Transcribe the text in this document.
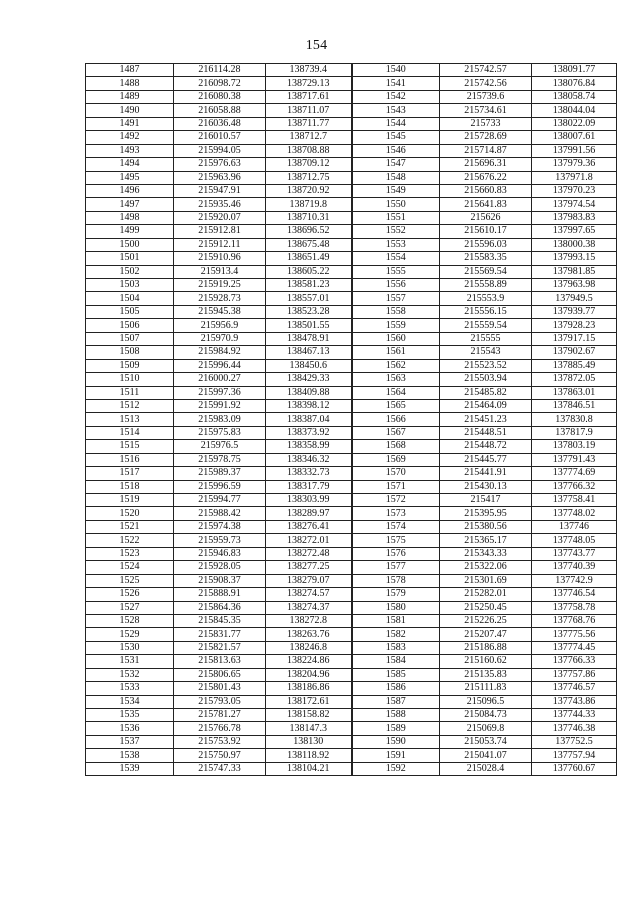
154
1487	216114.28	138739.4	1540	215742.57	138091.77
1488	216098.72	138729.13	1541	215742.56	138076.84
1489	216080.38	138717.61	1542	215739.6	138058.74
1490	216058.88	138711.07	1543	215734.61	138044.04
1491	216036.48	138711.77	1544	215733	138022.09
1492	216010.57	138712.7	1545	215728.69	138007.61
1493	215994.05	138708.88	1546	215714.87	137991.56
1494	215976.63	138709.12	1547	215696.31	137979.36
1495	215963.96	138712.75	1548	215676.22	137971.8
1496	215947.91	138720.92	1549	215660.83	137970.23
1497	215935.46	138719.8	1550	215641.83	137974.54
1498	215920.07	138710.31	1551	215626	137983.83
1499	215912.81	138696.52	1552	215610.17	137997.65
1500	215912.11	138675.48	1553	215596.03	138000.38
1501	215910.96	138651.49	1554	215583.35	137993.15
1502	215913.4	138605.22	1555	215569.54	137981.85
1503	215919.25	138581.23	1556	215558.89	137963.98
1504	215928.73	138557.01	1557	215553.9	137949.5
1505	215945.38	138523.28	1558	215556.15	137939.77
1506	215956.9	138501.55	1559	215559.54	137928.23
1507	215970.9	138478.91	1560	215555	137917.15
1508	215984.92	138467.13	1561	215543	137902.67
1509	215996.44	138450.6	1562	215523.52	137885.49
1510	216000.27	138429.33	1563	215503.94	137872.05
1511	215997.36	138409.88	1564	215485.82	137863.01
1512	215991.92	138398.12	1565	215464.09	137846.51
1513	215983.09	138387.04	1566	215451.23	137830.8
1514	215975.83	138373.92	1567	215448.51	137817.9
1515	215976.5	138358.99	1568	215448.72	137803.19
1516	215978.75	138346.32	1569	215445.77	137791.43
1517	215989.37	138332.73	1570	215441.91	137774.69
1518	215996.59	138317.79	1571	215430.13	137766.32
1519	215994.77	138303.99	1572	215417	137758.41
1520	215988.42	138289.97	1573	215395.95	137748.02
1521	215974.38	138276.41	1574	215380.56	137746
1522	215959.73	138272.01	1575	215365.17	137748.05
1523	215946.83	138272.48	1576	215343.33	137743.77
1524	215928.05	138277.25	1577	215322.06	137740.39
1525	215908.37	138279.07	1578	215301.69	137742.9
1526	215888.91	138274.57	1579	215282.01	137746.54
1527	215864.36	138274.37	1580	215250.45	137758.78
1528	215845.35	138272.8	1581	215226.25	137768.76
1529	215831.77	138263.76	1582	215207.47	137775.56
1530	215821.57	138246.8	1583	215186.88	137774.45
1531	215813.63	138224.86	1584	215160.62	137766.33
1532	215806.65	138204.96	1585	215135.83	137757.86
1533	215801.43	138186.86	1586	215111.83	137746.57
1534	215793.05	138172.61	1587	215096.5	137743.86
1535	215781.27	138158.82	1588	215084.73	137744.33
1536	215766.78	138147.3	1589	215069.8	137746.38
1537	215753.92	138130	1590	215053.74	137752.5
1538	215750.97	138118.92	1591	215041.07	137757.94
1539	215747.33	138104.21	1592	215028.4	137760.67
